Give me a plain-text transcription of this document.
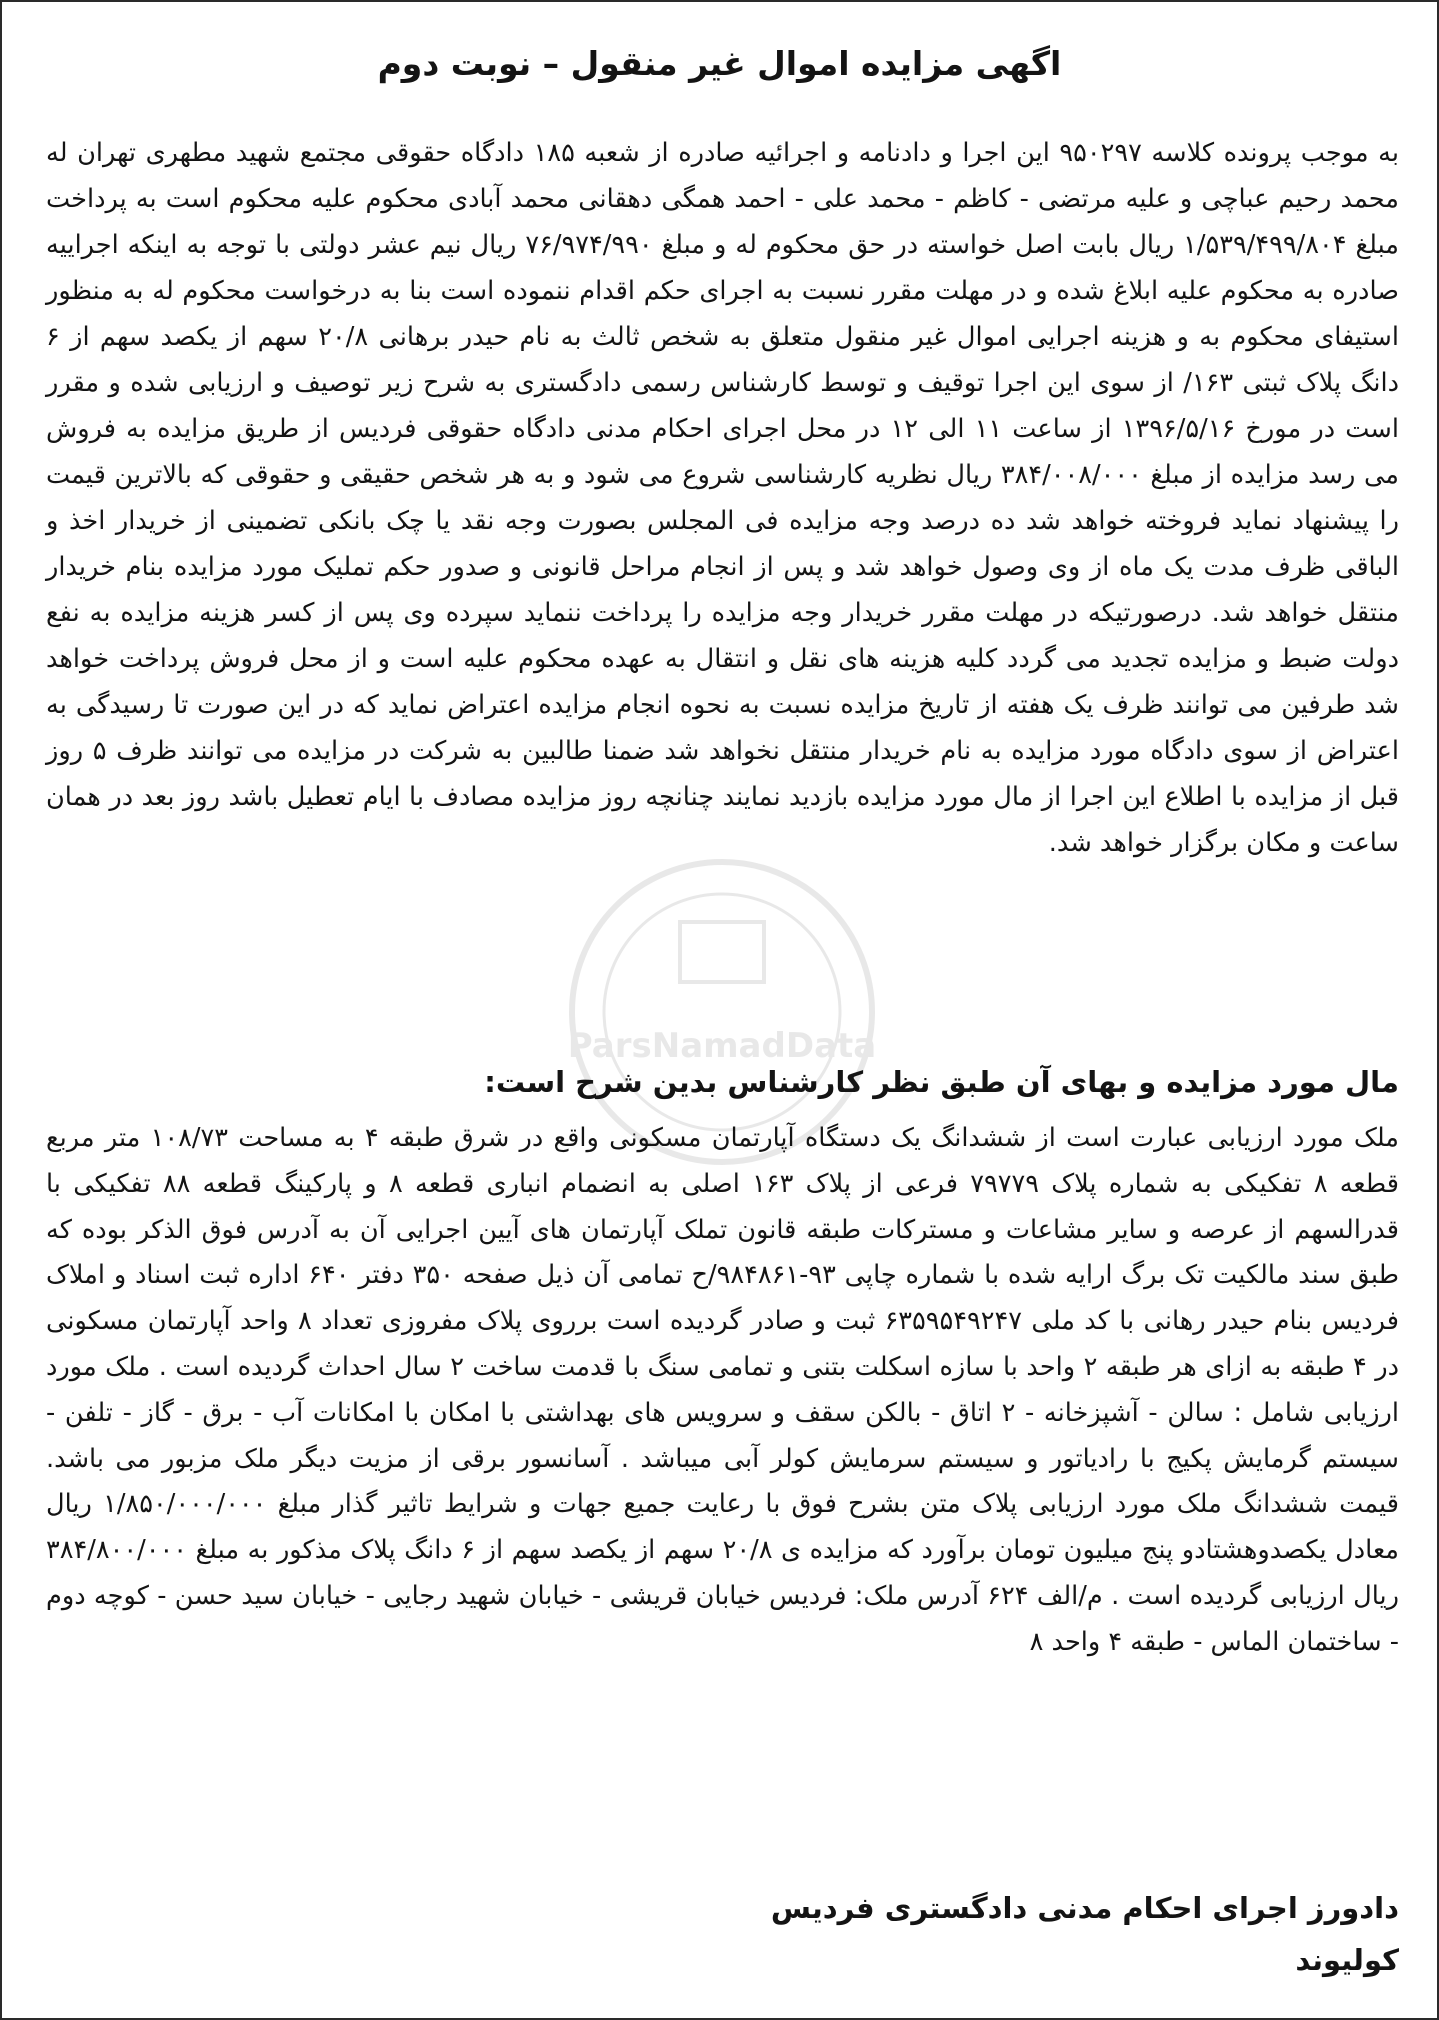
اگهی مزایده اموال غیر منقول – نوبت دوم
به موجب پرونده کلاسه ۹۵۰۲۹۷ این اجرا و دادنامه و اجرائیه صادره از شعبه ۱۸۵ دادگاه حقوقی مجتمع شهید مطهری تهران له محمد رحیم عباچی و علیه مرتضی - کاظم - محمد علی - احمد همگی دهقانی محمد آبادی محکوم علیه محکوم است به پرداخت مبلغ ۱/۵۳۹/۴۹۹/۸۰۴ ریال بابت اصل خواسته در حق محکوم له و مبلغ ۷۶/۹۷۴/۹۹۰ ریال نیم عشر دولتی با توجه به اینکه اجراییه صادره به محکوم علیه ابلاغ شده و در مهلت مقرر نسبت به اجرای حکم اقدام ننموده است بنا به درخواست محکوم له به منظور استیفای محکوم به و هزینه اجرایی اموال غیر منقول متعلق به شخص ثالث به نام حیدر برهانی ۲۰/۸ سهم از یکصد سهم از ۶ دانگ پلاک ثبتی ۱۶۳/ از سوی این اجرا توقیف و توسط کارشناس رسمی دادگستری به شرح زیر توصیف و ارزیابی شده و مقرر است در مورخ ۱۳۹۶/۵/۱۶ از ساعت ۱۱ الی ۱۲ در محل اجرای احکام مدنی دادگاه حقوقی فردیس از طریق مزایده به فروش می رسد مزایده از مبلغ ۳۸۴/۰۰۸/۰۰۰ ریال نظریه کارشناسی شروع می شود و به هر شخص حقیقی و حقوقی که بالاترین قیمت را پیشنهاد نماید فروخته خواهد شد ده درصد وجه مزایده فی المجلس بصورت وجه نقد یا چک بانکی تضمینی از خریدار اخذ و الباقی ظرف مدت یک ماه از وی وصول خواهد شد و پس از انجام مراحل قانونی و صدور حکم تملیک مورد مزایده بنام خریدار منتقل خواهد شد. درصورتیکه در مهلت مقرر خریدار وجه مزایده را پرداخت ننماید سپرده وی پس از کسر هزینه مزایده به نفع دولت ضبط و مزایده تجدید می گردد کلیه هزینه های نقل و انتقال به عهده محکوم علیه است و از محل فروش پرداخت خواهد شد طرفین می توانند ظرف یک هفته از تاریخ مزایده نسبت به نحوه انجام مزایده اعتراض نماید که در این صورت تا رسیدگی به اعتراض از سوی دادگاه مورد مزایده به نام خریدار منتقل نخواهد شد ضمنا طالبین به شرکت در مزایده می توانند ظرف ۵ روز قبل از مزایده با اطلاع این اجرا از مال مورد مزایده بازدید نمایند چنانچه روز مزایده مصادف با ایام تعطیل باشد روز بعد در همان ساعت و مکان برگزار خواهد شد.
ParsNamadData
مال مورد مزایده و بهای آن طبق نظر کارشناس بدین شرح است:
ملک مورد ارزیابی عبارت است از ششدانگ یک دستگاه آپارتمان مسکونی واقع در شرق طبقه ۴ به مساحت ۱۰۸/۷۳ متر مربع قطعه ۸ تفکیکی به شماره پلاک ۷۹۷۷۹ فرعی از پلاک ۱۶۳ اصلی به انضمام انباری قطعه ۸ و پارکینگ قطعه ۸۸ تفکیکی با قدرالسهم از عرصه و سایر مشاعات و مسترکات طبقه قانون تملک آپارتمان های آیین اجرایی آن به آدرس فوق الذکر بوده که طبق سند مالکیت تک برگ ارایه شده با شماره چاپی ۹۳-۹۸۴۸۶۱/ح تمامی آن ذیل صفحه ۳۵۰ دفتر ۶۴۰ اداره ثبت اسناد و املاک فردیس بنام حیدر رهانی با کد ملی ۶۳۵۹۵۴۹۲۴۷ ثبت و صادر گردیده است برروی پلاک مفروزی تعداد ۸ واحد آپارتمان مسکونی در ۴ طبقه به ازای هر طبقه ۲ واحد با سازه اسکلت بتنی و تمامی سنگ با قدمت ساخت ۲ سال احداث گردیده است . ملک مورد ارزیابی شامل : سالن - آشپزخانه - ۲ اتاق - بالکن سقف و سرویس های بهداشتی با امکان با امکانات آب - برق - گاز - تلفن - سیستم گرمایش پکیج با رادیاتور و سیستم سرمایش کولر آبی میباشد . آسانسور برقی از مزیت دیگر ملک مزبور می باشد. قیمت ششدانگ ملک مورد ارزیابی پلاک متن بشرح فوق با رعایت جمیع جهات و شرایط تاثیر گذار مبلغ ۱/۸۵۰/۰۰۰/۰۰۰ ریال معادل یکصدوهشتادو پنج میلیون تومان برآورد که مزایده ی ۲۰/۸ سهم از یکصد سهم از ۶ دانگ پلاک مذکور به مبلغ ۳۸۴/۸۰۰/۰۰۰ ریال ارزیابی گردیده است . م/الف ۶۲۴ آدرس ملک: فردیس خیابان قریشی - خیابان شهید رجایی - خیابان سید حسن - کوچه دوم - ساختمان الماس - طبقه ۴ واحد ۸
دادورز اجرای احکام مدنی دادگستری فردیس
کولیوند
